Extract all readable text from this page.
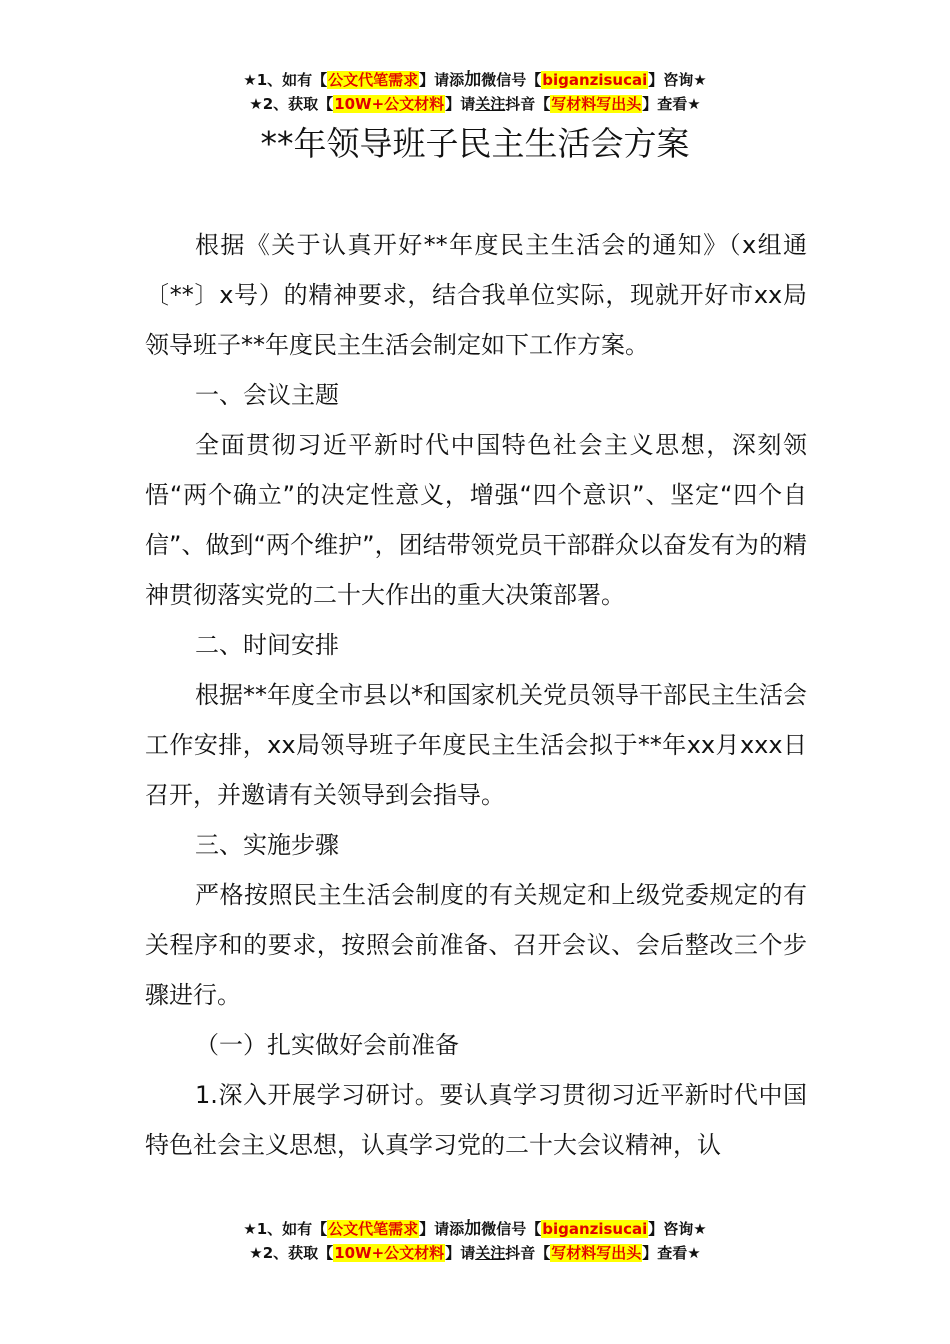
★1、如有【公文代笔需求】请添加微信号【biganzisucai】咨询★
★2、获取【10W+公文材料】请关注抖音【写材料写出头】查看★
**年领导班子民主生活会方案

根据《关于认真开好**年度民主生活会的通知》（x组通〔**〕x号）的精神要求，结合我单位实际，现就开好市xx局领导班子**年度民主生活会制定如下工作方案。

一、会议主题

全面贯彻习近平新时代中国特色社会主义思想，深刻领悟“两个确立”的决定性意义，增强“四个意识”、坚定“四个自信”、做到“两个维护”，团结带领党员干部群众以奋发有为的精神贯彻落实党的二十大作出的重大决策部署。

二、时间安排

根据**年度全市县以*和国家机关党员领导干部民主生活会工作安排，xx局领导班子年度民主生活会拟于**年xx月xxx日召开，并邀请有关领导到会指导。

三、实施步骤

严格按照民主生活会制度的有关规定和上级党委规定的有关程序和的要求，按照会前准备、召开会议、会后整改三个步骤进行。

（一）扎实做好会前准备

1.深入开展学习研讨。要认真学习贯彻习近平新时代中国特色社会主义思想，认真学习党的二十大会议精神，认

★1、如有【公文代笔需求】请添加微信号【biganzisucai】咨询★
★2、获取【10W+公文材料】请关注抖音【写材料写出头】查看★
